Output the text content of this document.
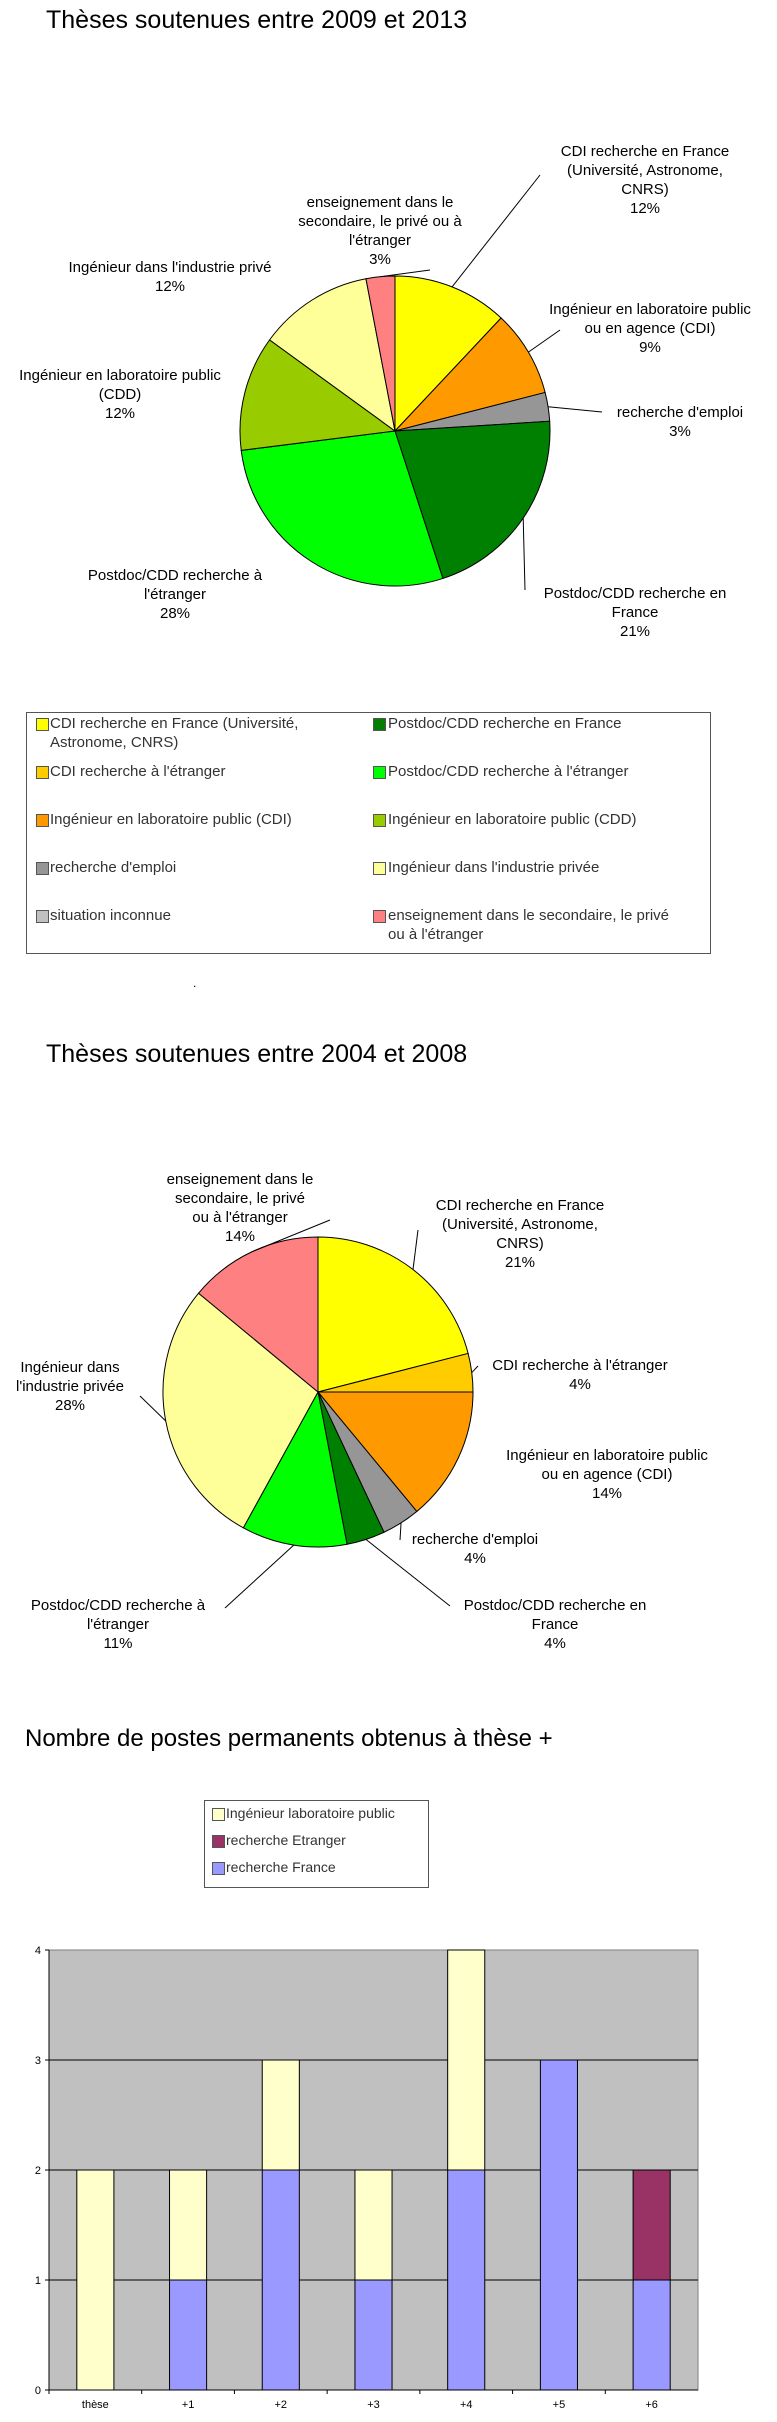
Thèses soutenues entre 2009 et 2013
CDI recherche en France
(Université, Astronome,
CNRS)
12%
Ingénieur en laboratoire public
ou en agence (CDI)
9%
recherche d'emploi
3%
Postdoc/CDD recherche en
France
21%
Postdoc/CDD recherche à
l'étranger
28%
Ingénieur en laboratoire public
(CDD)
12%
Ingénieur dans l'industrie privé
12%
enseignement dans le
secondaire, le privé ou à
l'étranger
3%
CDI recherche en France (Université,
Astronome, CNRS)
Postdoc/CDD recherche en France
CDI recherche à l'étranger	Postdoc/CDD recherche à l'étranger
Ingénieur en laboratoire public (CDI)	Ingénieur en laboratoire public (CDD)
recherche d'emploi	Ingénieur dans l'industrie privée
situation inconnue	enseignement dans le secondaire, le privé
ou à l'étranger
.
Thèses soutenues entre 2004 et 2008
CDI recherche en France
(Université, Astronome,
CNRS)
21%
CDI recherche à l'étranger
4%
Ingénieur en laboratoire public
ou en agence (CDI)
14%
recherche d'emploi
4%
Postdoc/CDD recherche en
France
4%
Postdoc/CDD recherche à
l'étranger
11%
Ingénieur dans
l'industrie privée
28%
enseignement dans le
secondaire, le privé
ou à l'étranger
14%
Nombre de postes permanents obtenus à thèse +
Ingénieur laboratoire public
recherche Etranger
recherche France
0
1
2
3
4
thèse	+1	+2	+3	+4	+5	+6
